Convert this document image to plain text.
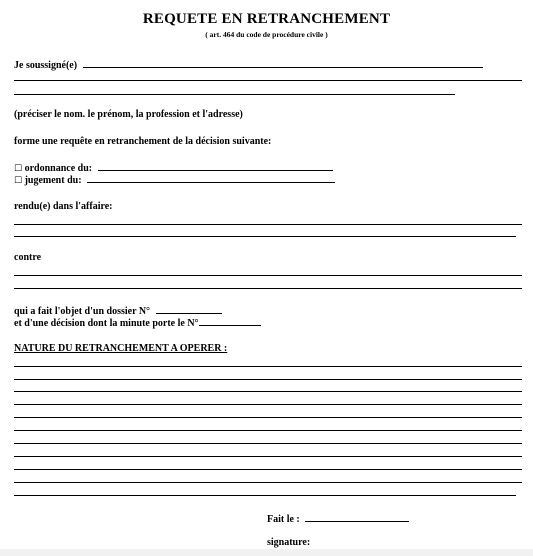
REQUETE EN RETRANCHEMENT
( art. 464 du code de procédure civile )
Je soussigné(e)
(préciser le nom. le prénom, la profession et l'adresse)
forme une requête en retranchement de la décision suivante:
☐ ordonnance du:
☐ jugement du:
rendu(e) dans l'affaire:
contre
qui a fait l'objet d'un dossier N°
et d'une décision dont la minute porte le N°
NATURE DU RETRANCHEMENT A OPERER :
Fait le :
signature:
